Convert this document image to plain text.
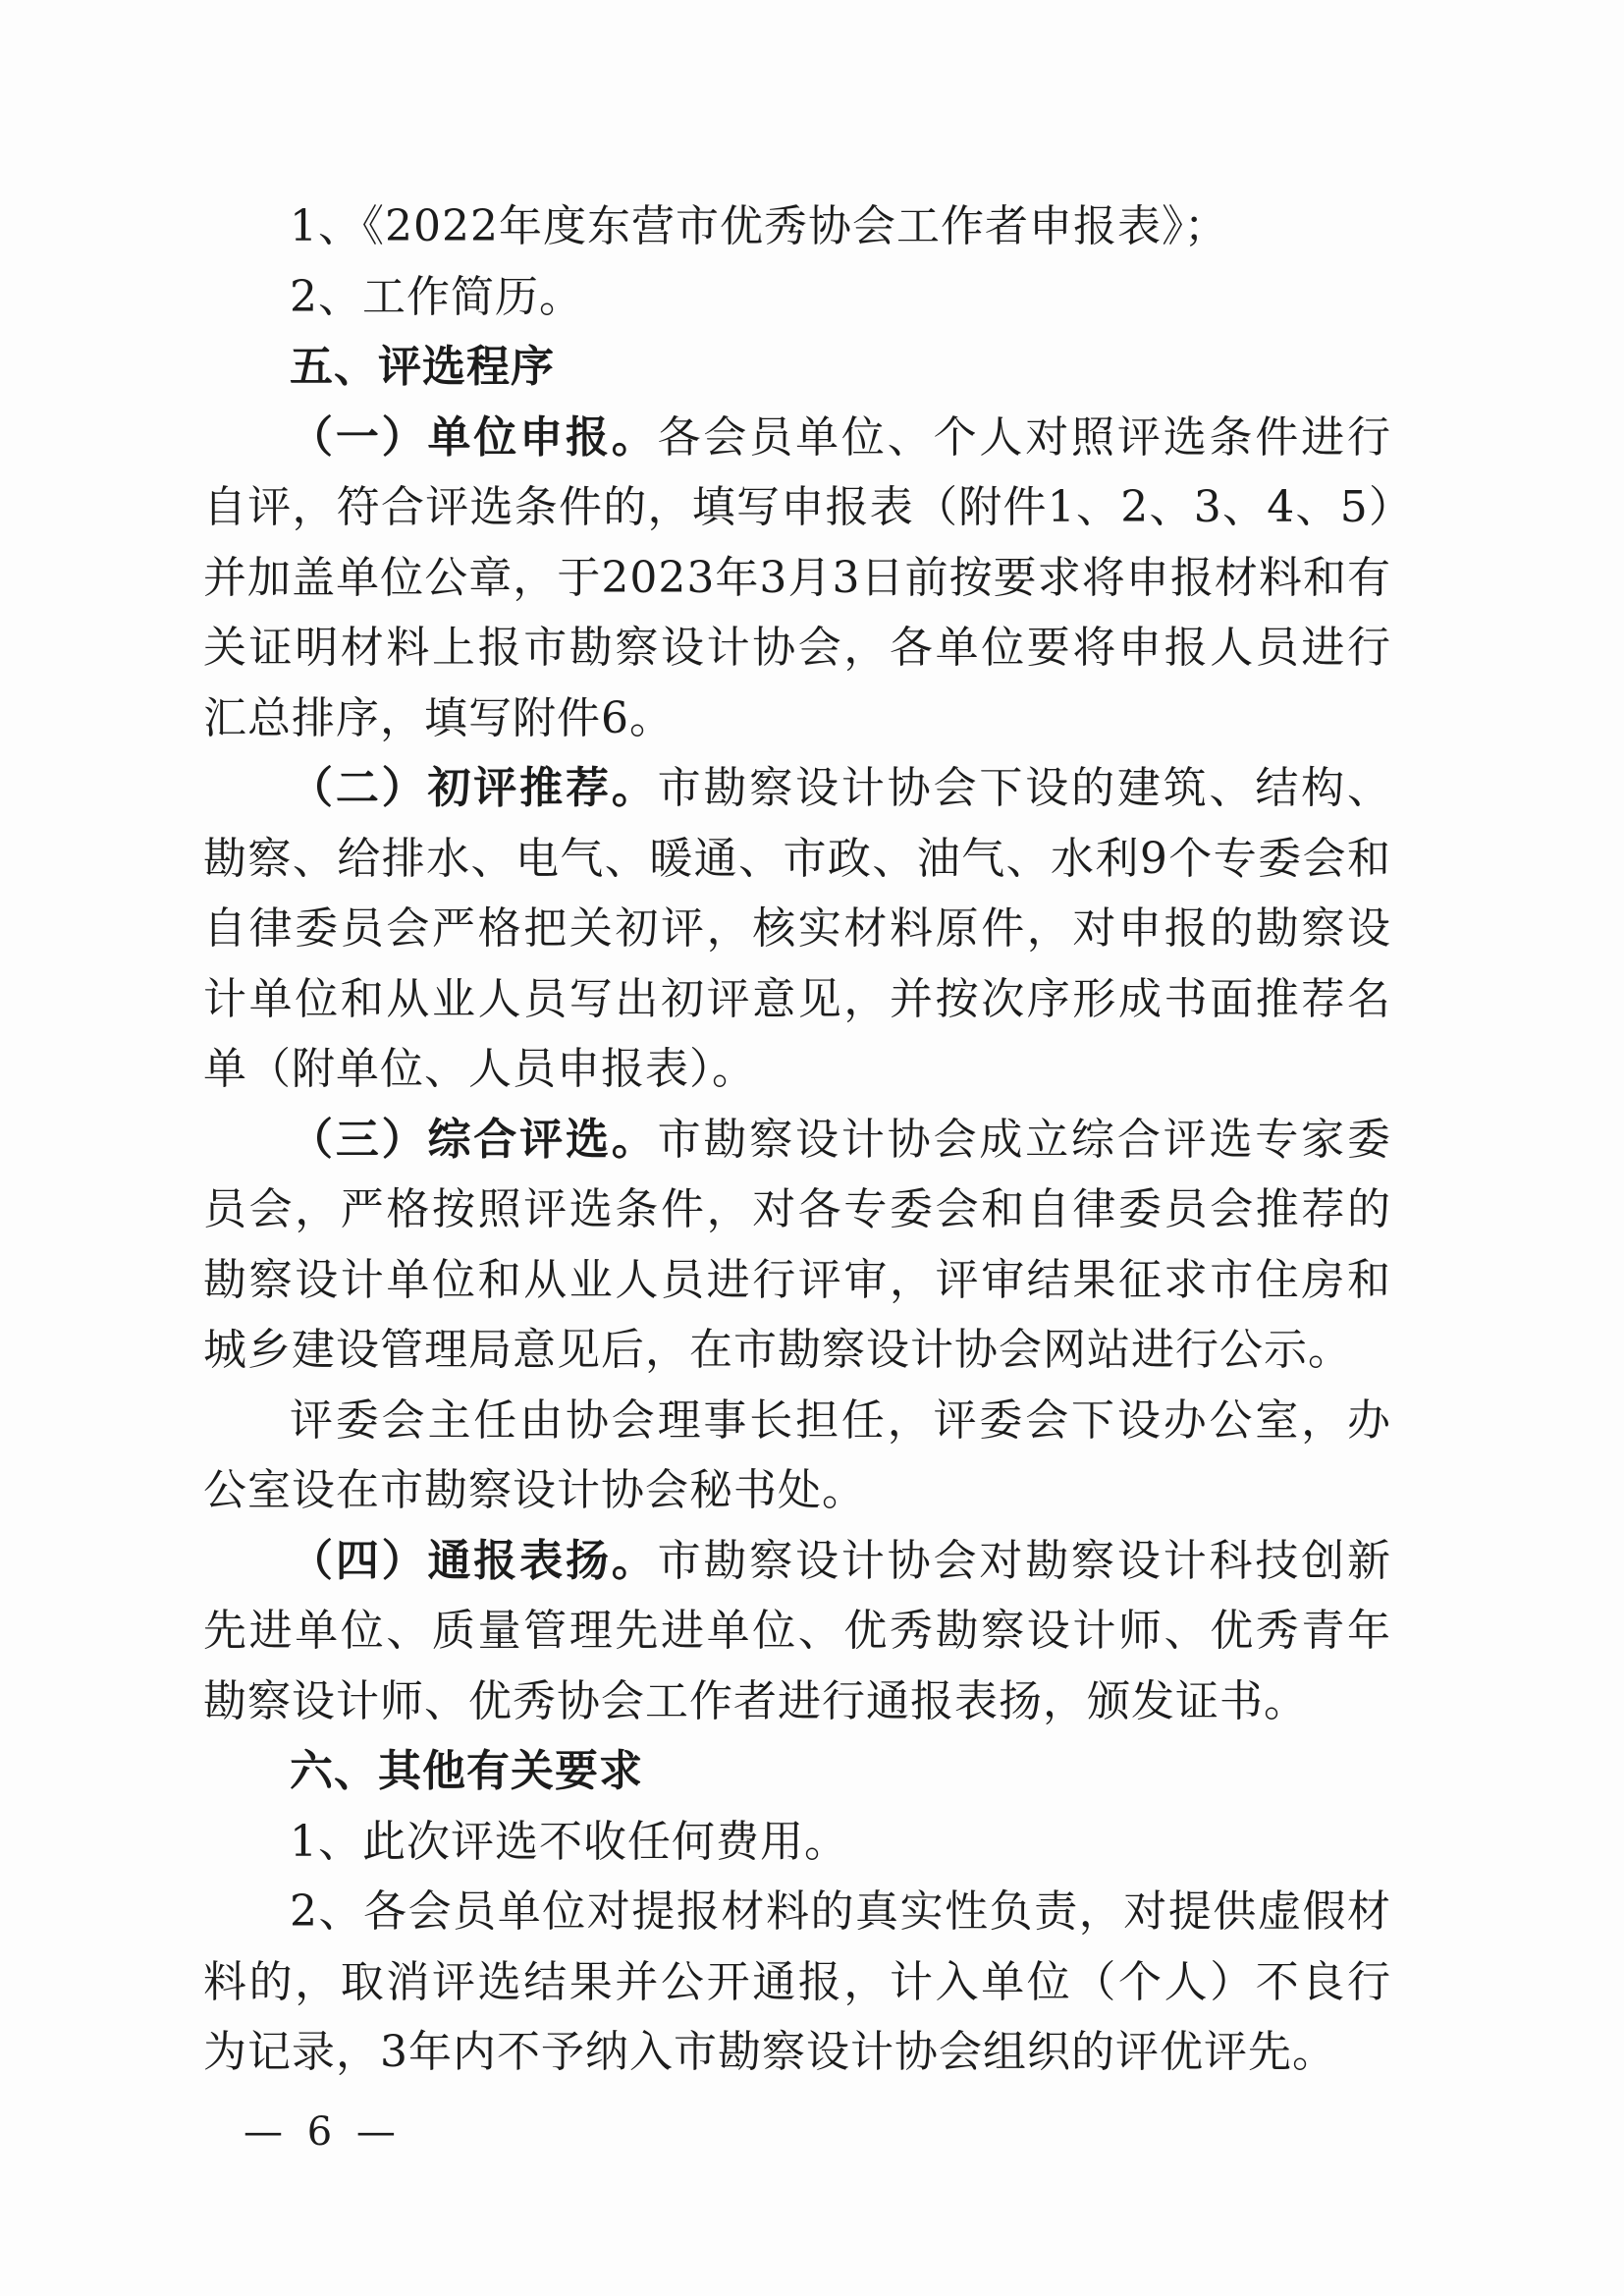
1、《2022年度东营市优秀协会工作者申报表》；

2、工作简历。

五、评选程序

（一）单位申报。各会员单位、个人对照评选条件进行自评，符合评选条件的，填写申报表（附件1、2、3、4、5）并加盖单位公章，于2023年3月3日前按要求将申报材料和有关证明材料上报市勘察设计协会，各单位要将申报人员进行汇总排序，填写附件6。

（二）初评推荐。市勘察设计协会下设的建筑、结构、勘察、给排水、电气、暖通、市政、油气、水利9个专委会和自律委员会严格把关初评，核实材料原件，对申报的勘察设计单位和从业人员写出初评意见，并按次序形成书面推荐名单（附单位、人员申报表）。

（三）综合评选。市勘察设计协会成立综合评选专家委员会，严格按照评选条件，对各专委会和自律委员会推荐的勘察设计单位和从业人员进行评审，评审结果征求市住房和城乡建设管理局意见后，在市勘察设计协会网站进行公示。

评委会主任由协会理事长担任，评委会下设办公室，办公室设在市勘察设计协会秘书处。

（四）通报表扬。市勘察设计协会对勘察设计科技创新先进单位、质量管理先进单位、优秀勘察设计师、优秀青年勘察设计师、优秀协会工作者进行通报表扬，颁发证书。

六、其他有关要求

1、此次评选不收任何费用。

2、各会员单位对提报材料的真实性负责，对提供虚假材料的，取消评选结果并公开通报，计入单位（个人）不良行为记录，3年内不予纳入市勘察设计协会组织的评优评先。

— 6 —
